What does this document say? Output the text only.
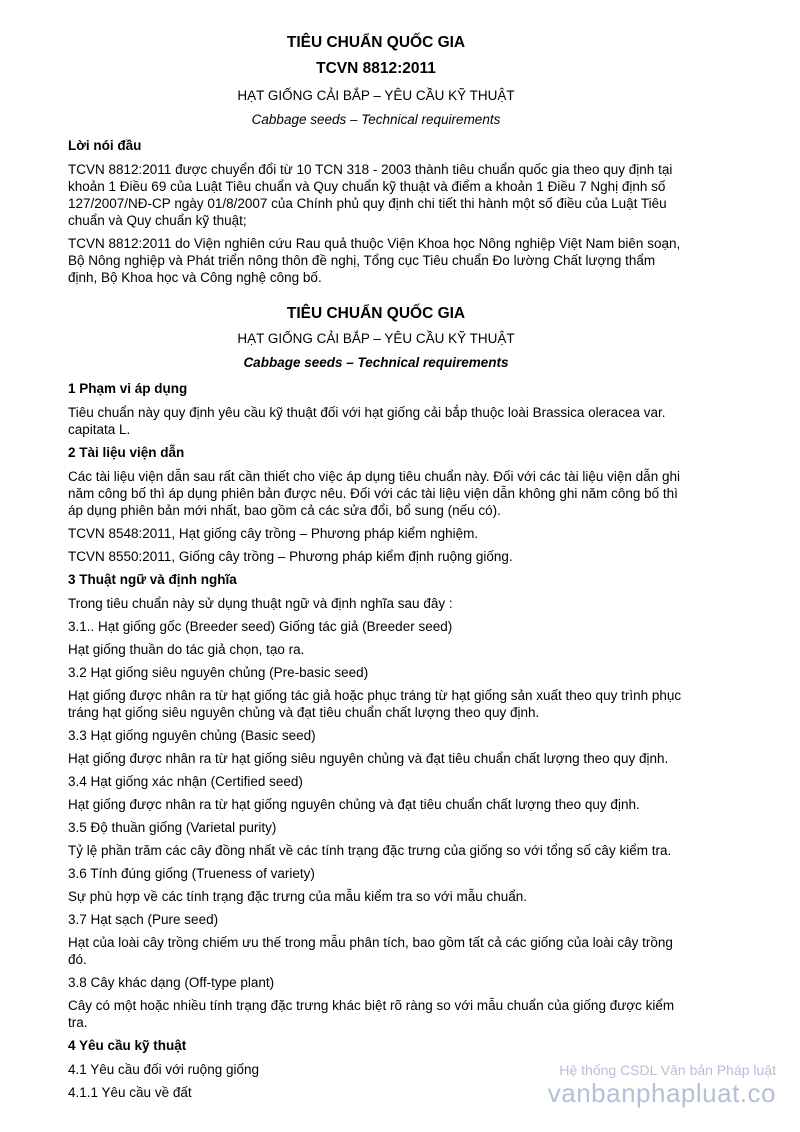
TIÊU CHUẨN QUỐC GIA
TCVN 8812:2011
HẠT GIỐNG CẢI BẮP – YÊU CẦU KỸ THUẬT
Cabbage seeds – Technical requirements
Lời nói đầu

TCVN 8812:2011 được chuyển đổi từ 10 TCN 318 - 2003 thành tiêu chuẩn quốc gia theo quy định tại khoản 1 Điều 69 của Luật Tiêu chuẩn và Quy chuẩn kỹ thuật và điểm a khoản 1 Điều 7 Nghị định số 127/2007/NĐ-CP ngày 01/8/2007 của Chính phủ quy định chi tiết thi hành một số điều của Luật Tiêu chuẩn và Quy chuẩn kỹ thuật;

TCVN 8812:2011 do Viện nghiên cứu Rau quả thuộc Viện Khoa học Nông nghiệp Việt Nam biên soạn, Bộ Nông nghiệp và Phát triển nông thôn đề nghị, Tổng cục Tiêu chuẩn Đo lường Chất lượng thẩm định, Bộ Khoa học và Công nghệ công bố.

TIÊU CHUẨN QUỐC GIA
HẠT GIỐNG CẢI BẮP – YÊU CẦU KỸ THUẬT
Cabbage seeds – Technical requirements
1 Phạm vi áp dụng

Tiêu chuẩn này quy định yêu cầu kỹ thuật đối với hạt giống cải bắp thuộc loài Brassica oleracea var. capitata L.

2 Tài liệu viện dẫn

Các tài liệu viện dẫn sau rất cần thiết cho việc áp dụng tiêu chuẩn này. Đối với các tài liệu viện dẫn ghi năm công bố thì áp dụng phiên bản được nêu. Đối với các tài liệu viện dẫn không ghi năm công bố thì áp dụng phiên bản mới nhất, bao gồm cả các sửa đổi, bổ sung (nếu có).

TCVN 8548:2011, Hạt giống cây trồng – Phương pháp kiểm nghiệm.

TCVN 8550:2011, Giống cây trồng – Phương pháp kiểm định ruộng giống.

3 Thuật ngữ và định nghĩa

Trong tiêu chuẩn này sử dụng thuật ngữ và định nghĩa sau đây :

3.1.. Hạt giống gốc (Breeder seed) Giống tác giả (Breeder seed)

Hạt giống thuần do tác giả chọn, tạo ra.

3.2 Hạt giống siêu nguyên chủng (Pre-basic seed)

Hạt giống được nhân ra từ hạt giống tác giả hoặc phục tráng từ hạt giống sản xuất theo quy trình phục tráng hạt giống siêu nguyên chủng và đạt tiêu chuẩn chất lượng theo quy định.

3.3 Hạt giống nguyên chủng (Basic seed)

Hạt giống được nhân ra từ hạt giống siêu nguyên chủng và đạt tiêu chuẩn chất lượng theo quy định.

3.4 Hạt giống xác nhận (Certified seed)

Hạt giống được nhân ra từ hạt giống nguyên chủng và đạt tiêu chuẩn chất lượng theo quy định.

3.5 Độ thuần giống (Varietal purity)

Tỷ lệ phần trăm các cây đồng nhất về các tính trạng đặc trưng của giống so với tổng số cây kiểm tra.

3.6 Tính đúng giống (Trueness of variety)

Sự phù hợp về các tính trạng đặc trưng của mẫu kiểm tra so với mẫu chuẩn.

3.7 Hạt sạch (Pure seed)

Hạt của loài cây trồng chiếm ưu thế trong mẫu phân tích, bao gồm tất cả các giống của loài cây trồng đó.

3.8 Cây khác dạng (Off-type plant)

Cây có một hoặc nhiều tính trạng đặc trưng khác biệt rõ ràng so với mẫu chuẩn của giống được kiểm tra.

4 Yêu cầu kỹ thuật

4.1 Yêu cầu đối với ruộng giống

4.1.1 Yêu cầu về đất

Hệ thống CSDL Văn bản Pháp luật
vanbanphapluat.co
